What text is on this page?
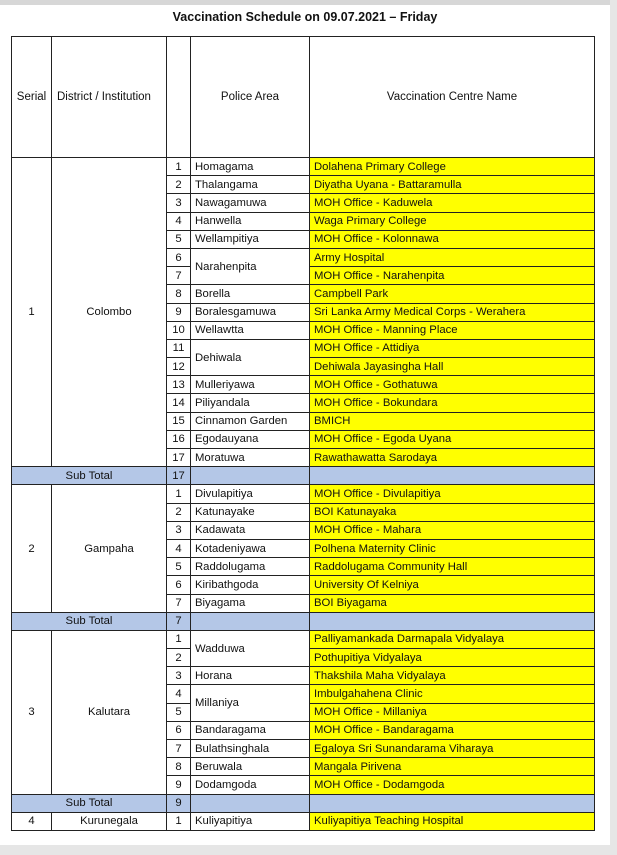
Vaccination Schedule on 09.07.2021 – Friday
Serial	District / Institution		Police Area	Vaccination Centre Name
1	Colombo	1	Homagama	Dolahena Primary College
		2	Thalangama	Diyatha Uyana - Battaramulla
		3	Nawagamuwa	MOH Office - Kaduwela
		4	Hanwella	Waga Primary College
		5	Wellampitiya	MOH Office - Kolonnawa
		6	Narahenpita	Army Hospital
		7		MOH Office - Narahenpita
		8	Borella	Campbell Park
		9	Boralesgamuwa	Sri Lanka Army Medical Corps - Werahera
		10	Wellawtta	MOH Office - Manning Place
		11	Dehiwala	MOH Office - Attidiya
		12		Dehiwala Jayasingha Hall
		13	Mulleriyawa	MOH Office - Gothatuwa
		14	Piliyandala	MOH Office - Bokundara
		15	Cinnamon Garden	BMICH
		16	Egodauyana	MOH Office - Egoda Uyana
		17	Moratuwa	Rawathawatta Sarodaya
Sub Total		17		
2	Gampaha	1	Divulapitiya	MOH Office - Divulapitiya
		2	Katunayake	BOI Katunayaka
		3	Kadawata	MOH Office - Mahara
		4	Kotadeniyawa	Polhena Maternity Clinic
		5	Raddolugama	Raddolugama Community Hall
		6	Kiribathgoda	University Of Kelniya
		7	Biyagama	BOI Biyagama
Sub Total		7		
3	Kalutara	1	Wadduwa	Palliyamankada Darmapala Vidyalaya
		2		Pothupitiya Vidyalaya
		3	Horana	Thakshila Maha Vidyalaya
		4	Millaniya	Imbulgahahena Clinic
		5		MOH Office - Millaniya
		6	Bandaragama	MOH Office - Bandaragama
		7	Bulathsinghala	Egaloya Sri Sunandarama Viharaya
		8	Beruwala	Mangala Pirivena
		9	Dodamgoda	MOH Office - Dodamgoda
Sub Total		9		
4	Kurunegala	1	Kuliyapitiya	Kuliyapitiya Teaching Hospital
